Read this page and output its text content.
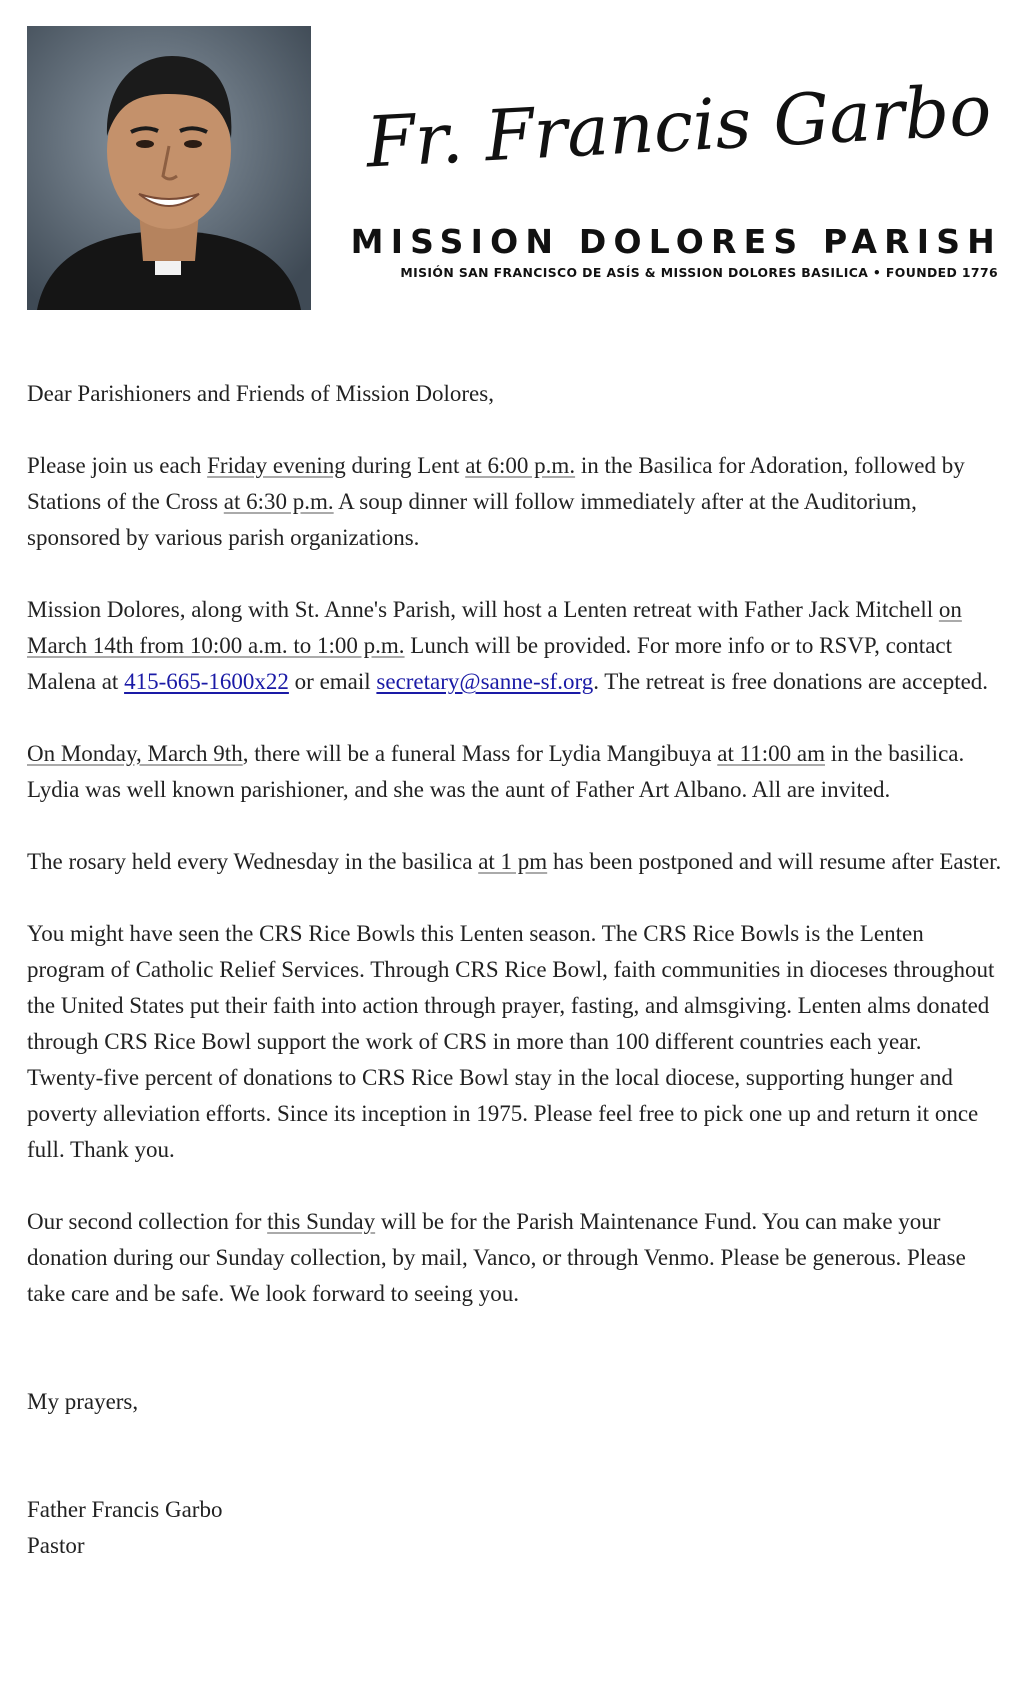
Fr. Francis Garbo
MISSION DOLORES PARISH
MISIÓN SAN FRANCISCO DE ASÍS & MISSION DOLORES BASILICA • FOUNDED 1776

Dear Parishioners and Friends of Mission Dolores,

Please join us each Friday evening during Lent at 6:00 p.m. in the Basilica for Adoration, followed by Stations of the Cross at 6:30 p.m. A soup dinner will follow immediately after at the Auditorium, sponsored by various parish organizations.

Mission Dolores, along with St. Anne's Parish, will host a Lenten retreat with Father Jack Mitchell on March 14th from 10:00 a.m. to 1:00 p.m. Lunch will be provided. For more info or to RSVP, contact Malena at 415-665-1600x22 or email secretary@sanne-sf.org. The retreat is free donations are accepted.

On Monday, March 9th, there will be a funeral Mass for Lydia Mangibuya at 11:00 am in the basilica. Lydia was well known parishioner, and she was the aunt of Father Art Albano. All are invited.

The rosary held every Wednesday in the basilica at 1 pm has been postponed and will resume after Easter.

You might have seen the CRS Rice Bowls this Lenten season. The CRS Rice Bowls is the Lenten program of Catholic Relief Services. Through CRS Rice Bowl, faith communities in dioceses throughout the United States put their faith into action through prayer, fasting, and almsgiving. Lenten alms donated through CRS Rice Bowl support the work of CRS in more than 100 different countries each year. Twenty-five percent of donations to CRS Rice Bowl stay in the local diocese, supporting hunger and poverty alleviation efforts. Since its inception in 1975. Please feel free to pick one up and return it once full. Thank you.

Our second collection for this Sunday will be for the Parish Maintenance Fund. You can make your donation during our Sunday collection, by mail, Vanco, or through Venmo. Please be generous. Please take care and be safe. We look forward to seeing you.

My prayers,

Father Francis Garbo

Pastor
